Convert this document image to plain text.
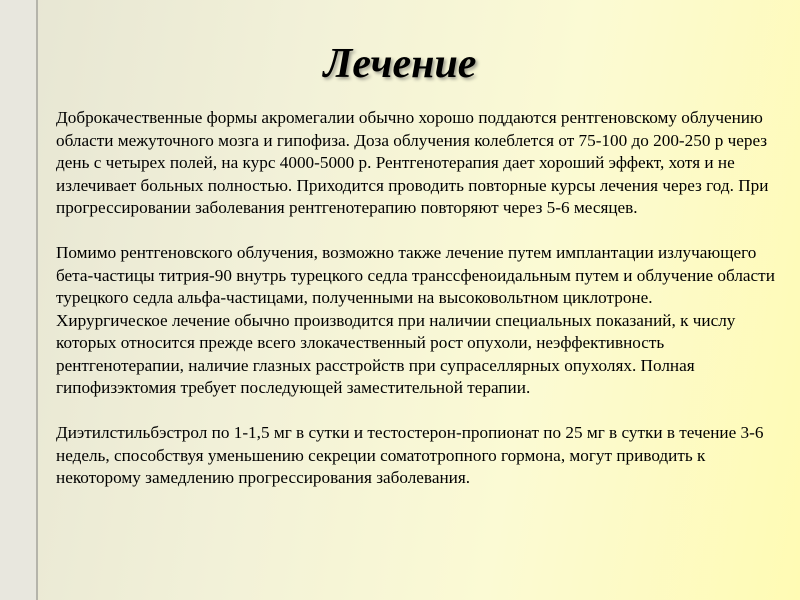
Лечение

Доброкачественные формы акромегалии обычно хорошо поддаются рентгеновскому облучению области межуточного мозга и гипофиза. Доза облучения колеблется от 75-100 до 200-250 р через день с четырех полей, на курс 4000-5000 р. Рентгенотерапия дает хороший эффект, хотя и не излечивает больных полностью. Приходится проводить повторные курсы лечения через год. При прогрессировании заболевания рентгенотерапию повторяют через 5-6 месяцев.

Помимо рентгеновского облучения, возможно также лечение путем имплантации излучающего бета-частицы титрия-90 внутрь турецкого седла транссфеноидальным путем и облучение области турецкого седла альфа-частицами, полученными на высоковольтном циклотроне.

Хирургическое лечение обычно производится при наличии специальных показаний, к числу которых относится прежде всего злокачественный рост опухоли, неэффективность рентгенотерапии, наличие глазных расстройств при супраселлярных опухолях. Полная гипофизэктомия требует последующей заместительной терапии.

Диэтилстильбэстрол по 1-1,5 мг в сутки и тестостерон-пропионат по 25 мг в сутки в течение 3-6 недель, способствуя уменьшению секреции соматотропного гормона, могут приводить к некоторому замедлению прогрессирования заболевания.
